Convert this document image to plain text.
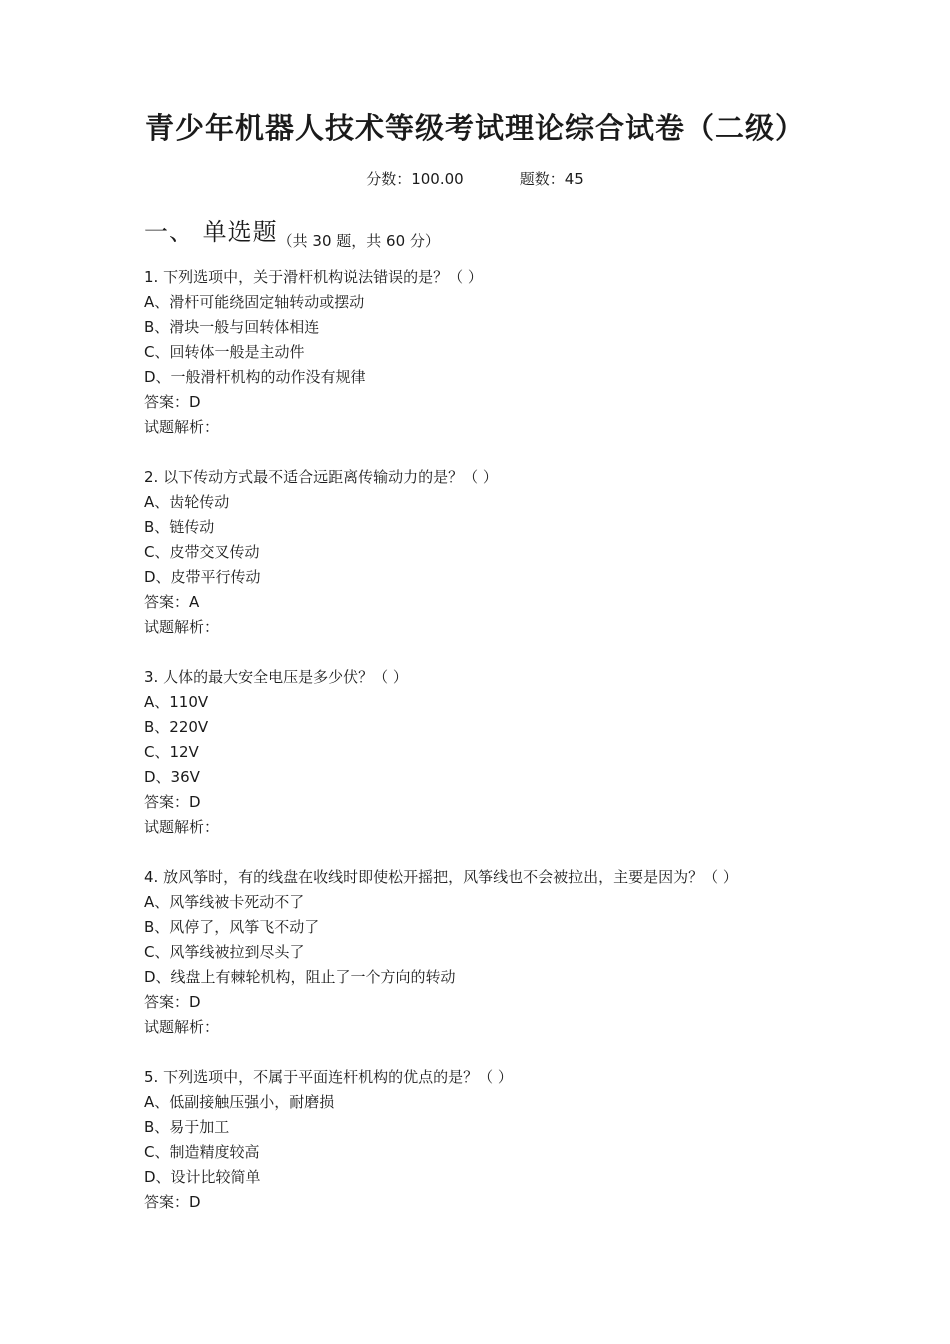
青少年机器人技术等级考试理论综合试卷（二级）
分数：100.00	题数：45
一、 单选题（共 30 题，共 60 分）
1. 下列选项中，关于滑杆机构说法错误的是？（ ）
A、滑杆可能绕固定轴转动或摆动
B、滑块一般与回转体相连
C、回转体一般是主动件
D、一般滑杆机构的动作没有规律
答案：D
试题解析：
2. 以下传动方式最不适合远距离传输动力的是？（ ）
A、齿轮传动
B、链传动
C、皮带交叉传动
D、皮带平行传动
答案：A
试题解析：
3. 人体的最大安全电压是多少伏？（ ）
A、110V
B、220V
C、12V
D、36V
答案：D
试题解析：
4. 放风筝时，有的线盘在收线时即使松开摇把，风筝线也不会被拉出，主要是因为？（ ）
A、风筝线被卡死动不了
B、风停了，风筝飞不动了
C、风筝线被拉到尽头了
D、线盘上有棘轮机构，阻止了一个方向的转动
答案：D
试题解析：
5. 下列选项中，不属于平面连杆机构的优点的是？（ ）
A、低副接触压强小，耐磨损
B、易于加工
C、制造精度较高
D、设计比较简单
答案：D
